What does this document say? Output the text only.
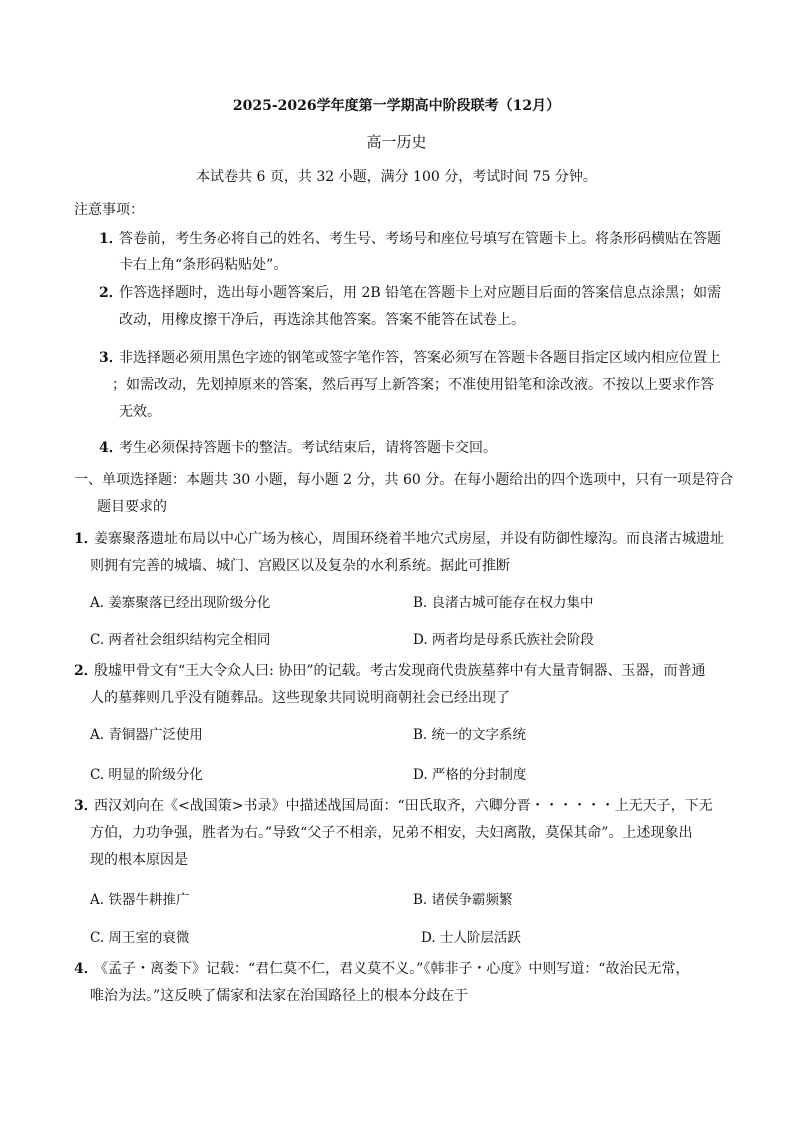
2025-2026学年度第一学期高中阶段联考（12月）
高一历史
本试卷共 6 页，共 32 小题，满分 100 分，考试时间 75 分钟。
注意事项：
1．
答卷前，考生务必将自己的姓名、考生号、考场号和座位号填写在管题卡上。将条形码横贴在答题
卡右上角“条形码粘贴处”。
2．
作答选择题时，选出每小题答案后，用 2B 铅笔在答题卡上对应题目后面的答案信息点涂黑；如需
改动，用橡皮擦干净后，再选涂其他答案。答案不能答在试卷上。
3．
非选择题必须用黑色字迹的钢笔或签字笔作答，答案必须写在答题卡各题目指定区域内相应位置上
；如需改动，先划掉原来的答案，然后再写上新答案；不准使用铅笔和涂改液。不按以上要求作答
无效。
4．
考生必须保持答题卡的整洁。考试结束后，请将答题卡交回。
一、单项选择题：本题共 30 小题，每小题 2 分，共 60 分。在每小题给出的四个选项中，只有一项是符合
题目要求的
1．
姜寨聚落遗址布局以中心广场为核心，周围环绕着半地穴式房屋，并设有防御性壕沟。而良渚古城遗址
则拥有完善的城墙、城门、宫殿区以及复杂的水利系统。据此可推断
A. 姜寨聚落已经出现阶级分化	B. 良渚古城可能存在权力集中
C. 两者社会组织结构完全相同	D. 两者均是母系氏族社会阶段
2．
殷墟甲骨文有“王大令众人曰: 协田”的记载。考古发现商代贵族墓葬中有大量青铜器、玉器，而普通
人的墓葬则几乎没有随葬品。这些现象共同说明商朝社会已经出现了
A. 青铜器广泛使用	B. 统一的文字系统
C. 明显的阶级分化	D. 严格的分封制度
3．
西汉刘向在《<战国策>书录》中描述战国局面：“田氏取齐，六卿分晋・・・・・・上无天子，下无
方伯，力功争强，胜者为右。”导致“父子不相亲，兄弟不相安，夫妇离散，莫保其命”。上述现象出
现的根本原因是
A. 铁器牛耕推广	B. 诸侯争霸频繁
C. 周王室的衰微	D. 士人阶层活跃
4．
《孟子・离娄下》记载：“君仁莫不仁，君义莫不义。”《韩非子・心度》中则写道：“故治民无常，
唯治为法。”这反映了儒家和法家在治国路径上的根本分歧在于
